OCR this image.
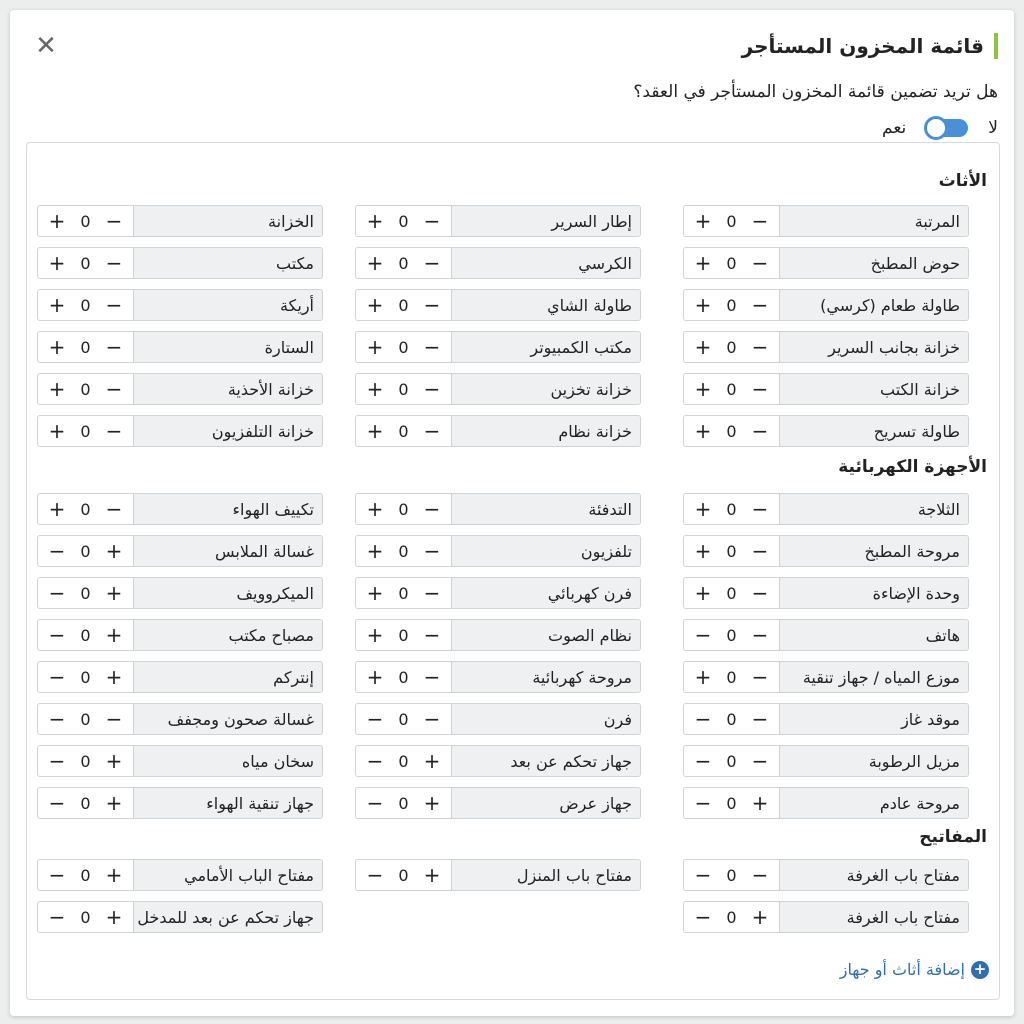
✕	قائمة المخزون المستأجر
هل تريد تضمين قائمة المخزون المستأجر في العقد؟
لا
نعم
+
إضافة أثاث أو جهاز
الأثاث
المرتبة
−
0
+
إطار السرير
−
0
+
الخزانة
−
0
+
حوض المطبخ
−
0
+
الكرسي
−
0
+
مكتب
−
0
+
طاولة طعام (كرسي)
−
0
+
طاولة الشاي
−
0
+
أريكة
−
0
+
خزانة بجانب السرير
−
0
+
مكتب الكمبيوتر
−
0
+
الستارة
−
0
+
خزانة الكتب
−
0
+
خزانة تخزين
−
0
+
خزانة الأحذية
−
0
+
طاولة تسريح
−
0
+
خزانة نظام
−
0
+
خزانة التلفزيون
−
0
+
الأجهزة الكهربائية
الثلاجة
−
0
+
التدفئة
−
0
+
تكييف الهواء
−
0
+
مروحة المطبخ
−
0
+
تلفزيون
−
0
+
غسالة الملابس
+
0
−
وحدة الإضاءة
−
0
+
فرن كهربائي
−
0
+
الميكروويف
+
0
−
هاتف
−
0
−
نظام الصوت
−
0
+
مصباح مكتب
+
0
−
موزع المياه / جهاز تنقية
−
0
+
مروحة كهربائية
−
0
+
إنتركم
+
0
−
موقد غاز
−
0
−
فرن
−
0
−
غسالة صحون ومجفف
−
0
−
مزيل الرطوبة
−
0
−
جهاز تحكم عن بعد
+
0
−
سخان مياه
+
0
−
مروحة عادم
+
0
−
جهاز عرض
+
0
−
جهاز تنقية الهواء
+
0
−
المفاتيح
مفتاح باب الغرفة
−
0
−
مفتاح باب المنزل
+
0
−
مفتاح الباب الأمامي
+
0
−
مفتاح باب الغرفة
+
0
−
جهاز تحكم عن بعد للمدخل
+
0
−
